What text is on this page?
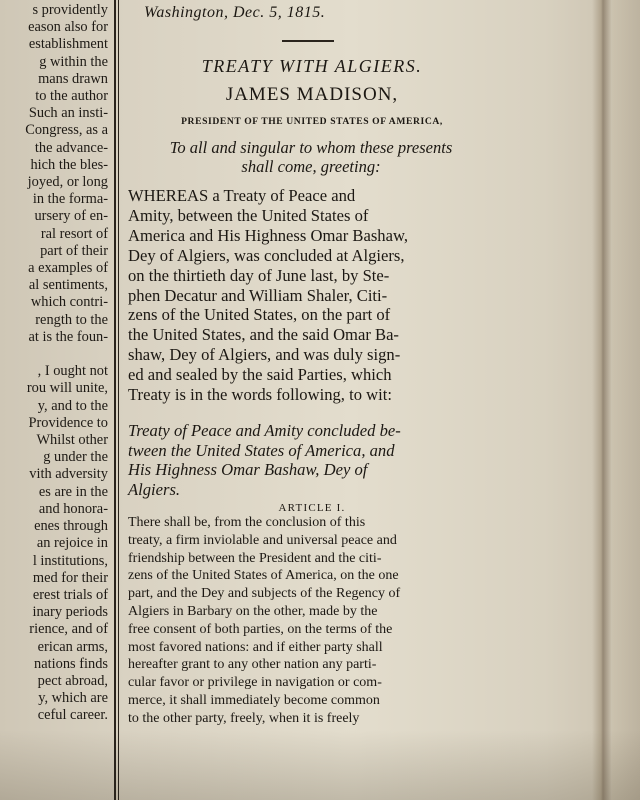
s providently
eason also for
establishment
g within the
mans drawn
to the author
Such an insti-
Congress, as a
the advance-
hich the bles-
joyed, or long
in the forma-
ursery of en-
ral resort of
part of their
a examples of
al sentiments,
which contri-
rength to the
at is the foun-

, I ought not
rou will unite,
y, and to the
Providence to
Whilst other
g under the
vith adversity
es are in the
and honora-
enes through
an rejoice in
l institutions,
med for their
erest trials of
inary periods
rience, and of
erican arms,
nations finds
pect abroad,
y, which are
ceful career.
Washington, Dec. 5, 1815.
TREATY WITH ALGIERS.
JAMES MADISON,
PRESIDENT OF THE UNITED STATES OF AMERICA,
To all and singular to whom these presents
shall come, greeting:
WHEREAS a Treaty of Peace and
Amity, between the United States of
America and His Highness Omar Bashaw,
Dey of Algiers, was concluded at Algiers,
on the thirtieth day of June last, by Ste-
phen Decatur and William Shaler, Citi-
zens of the United States, on the part of
the United States, and the said Omar Ba-
shaw, Dey of Algiers, and was duly sign-
ed and sealed by the said Parties, which
Treaty is in the words following, to wit:
Treaty of Peace and Amity concluded be-
tween the United States of America, and
His Highness Omar Bashaw, Dey of
Algiers.
ARTICLE I.
There shall be, from the conclusion of this
treaty, a firm inviolable and universal peace and
friendship between the President and the citi-
zens of the United States of America, on the one
part, and the Dey and subjects of the Regency of
Algiers in Barbary on the other, made by the
free consent of both parties, on the terms of the
most favored nations: and if either party shall
hereafter grant to any other nation any parti-
cular favor or privilege in navigation or com-
merce, it shall immediately become common
to the other party, freely, when it is freely
